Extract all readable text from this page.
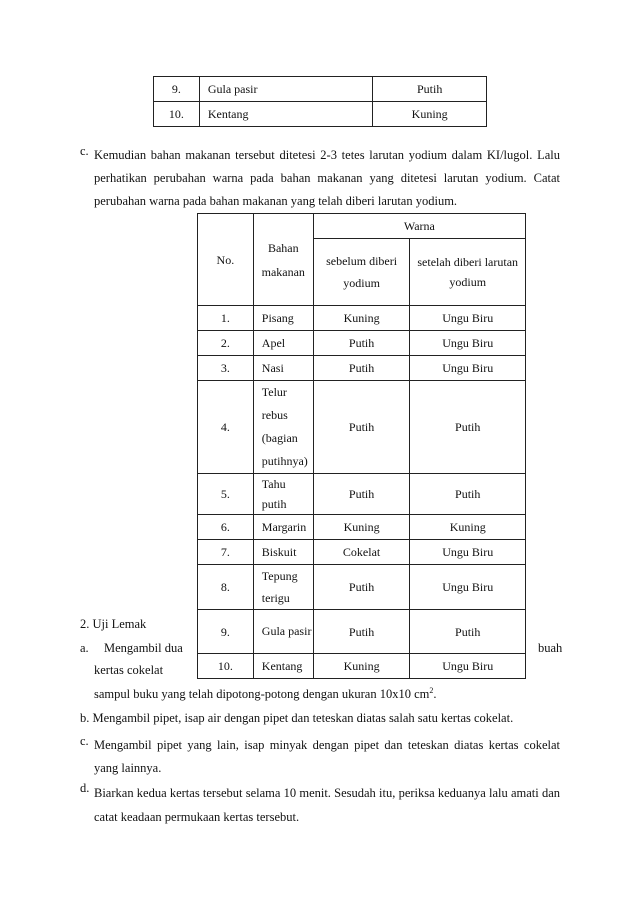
9.	Gula pasir	Putih
10.	Kentang	Kuning
c. Kemudian bahan makanan tersebut ditetesi 2-3 tetes larutan yodium dalam KI/lugol. Lalu perhatikan perubahan warna pada bahan makanan yang ditetesi larutan yodium. Catat perubahan warna pada bahan makanan yang telah diberi larutan yodium.
No.	Bahan makanan	Warna	
		sebelum diberi yodium	setelah diberi larutan yodium
1.	Pisang	Kuning	Ungu Biru
2.	Apel	Putih	Ungu Biru
3.	Nasi	Putih	Ungu Biru
4.	Telur rebus (bagian putihnya)	Putih	Putih
5.	Tahu putih	Putih	Putih
6.	Margarin	Kuning	Kuning
7.	Biskuit	Cokelat	Ungu Biru
8.	Tepung terigu	Putih	Ungu Biru
9.	Gula pasir	Putih	Putih
10.	Kentang	Kuning	Ungu Biru
2. Uji Lemak
a. Mengambil dua	buah
kertas cokelat
sampul buku yang telah dipotong-potong dengan ukuran 10x10 $cm^2$.
b. Mengambil pipet, isap air dengan pipet dan teteskan diatas salah satu kertas cokelat.
c. Mengambil pipet yang lain, isap minyak dengan pipet dan teteskan diatas kertas cokelat yang lainnya.
d. Biarkan kedua kertas tersebut selama 10 menit. Sesudah itu, periksa keduanya lalu amati dan catat keadaan permukaan kertas tersebut.
